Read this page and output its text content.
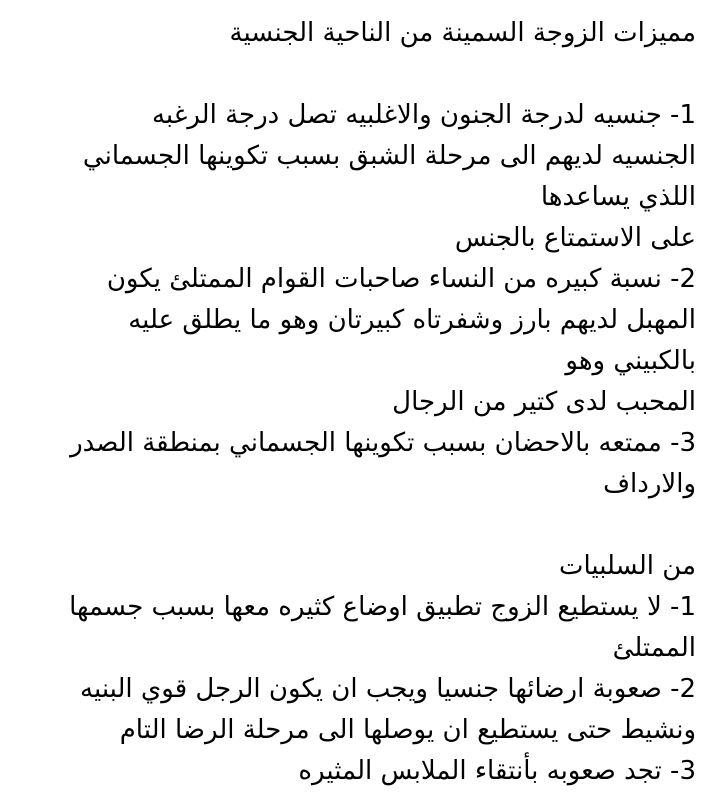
مميزات الزوجة السمينة من الناحية الجنسية
1- جنسيه لدرجة الجنون والاغلبيه تصل درجة الرغبه
الجنسيه لديهم الى مرحلة الشبق بسبب تكوينها الجسماني
اللذي يساعدها
على الاستمتاع بالجنس
2- نسبة كبيره من النساء صاحبات القوام الممتلئ يكون
المهبل لديهم بارز وشفرتاه كبيرتان وهو ما يطلق عليه
بالكبيني وهو
المحبب لدى كتير من الرجال
3- ممتعه بالاحضان بسبب تكوينها الجسماني بمنطقة الصدر
والارداف
من السلبيات
1- لا يستطيع الزوج تطبيق اوضاع كثيره معها بسبب جسمها
الممتلئ
2- صعوبة ارضائها جنسيا ويجب ان يكون الرجل قوي البنيه
ونشيط حتى يستطيع ان يوصلها الى مرحلة الرضا التام
3- تجد صعوبه بأنتقاء الملابس المثيره
